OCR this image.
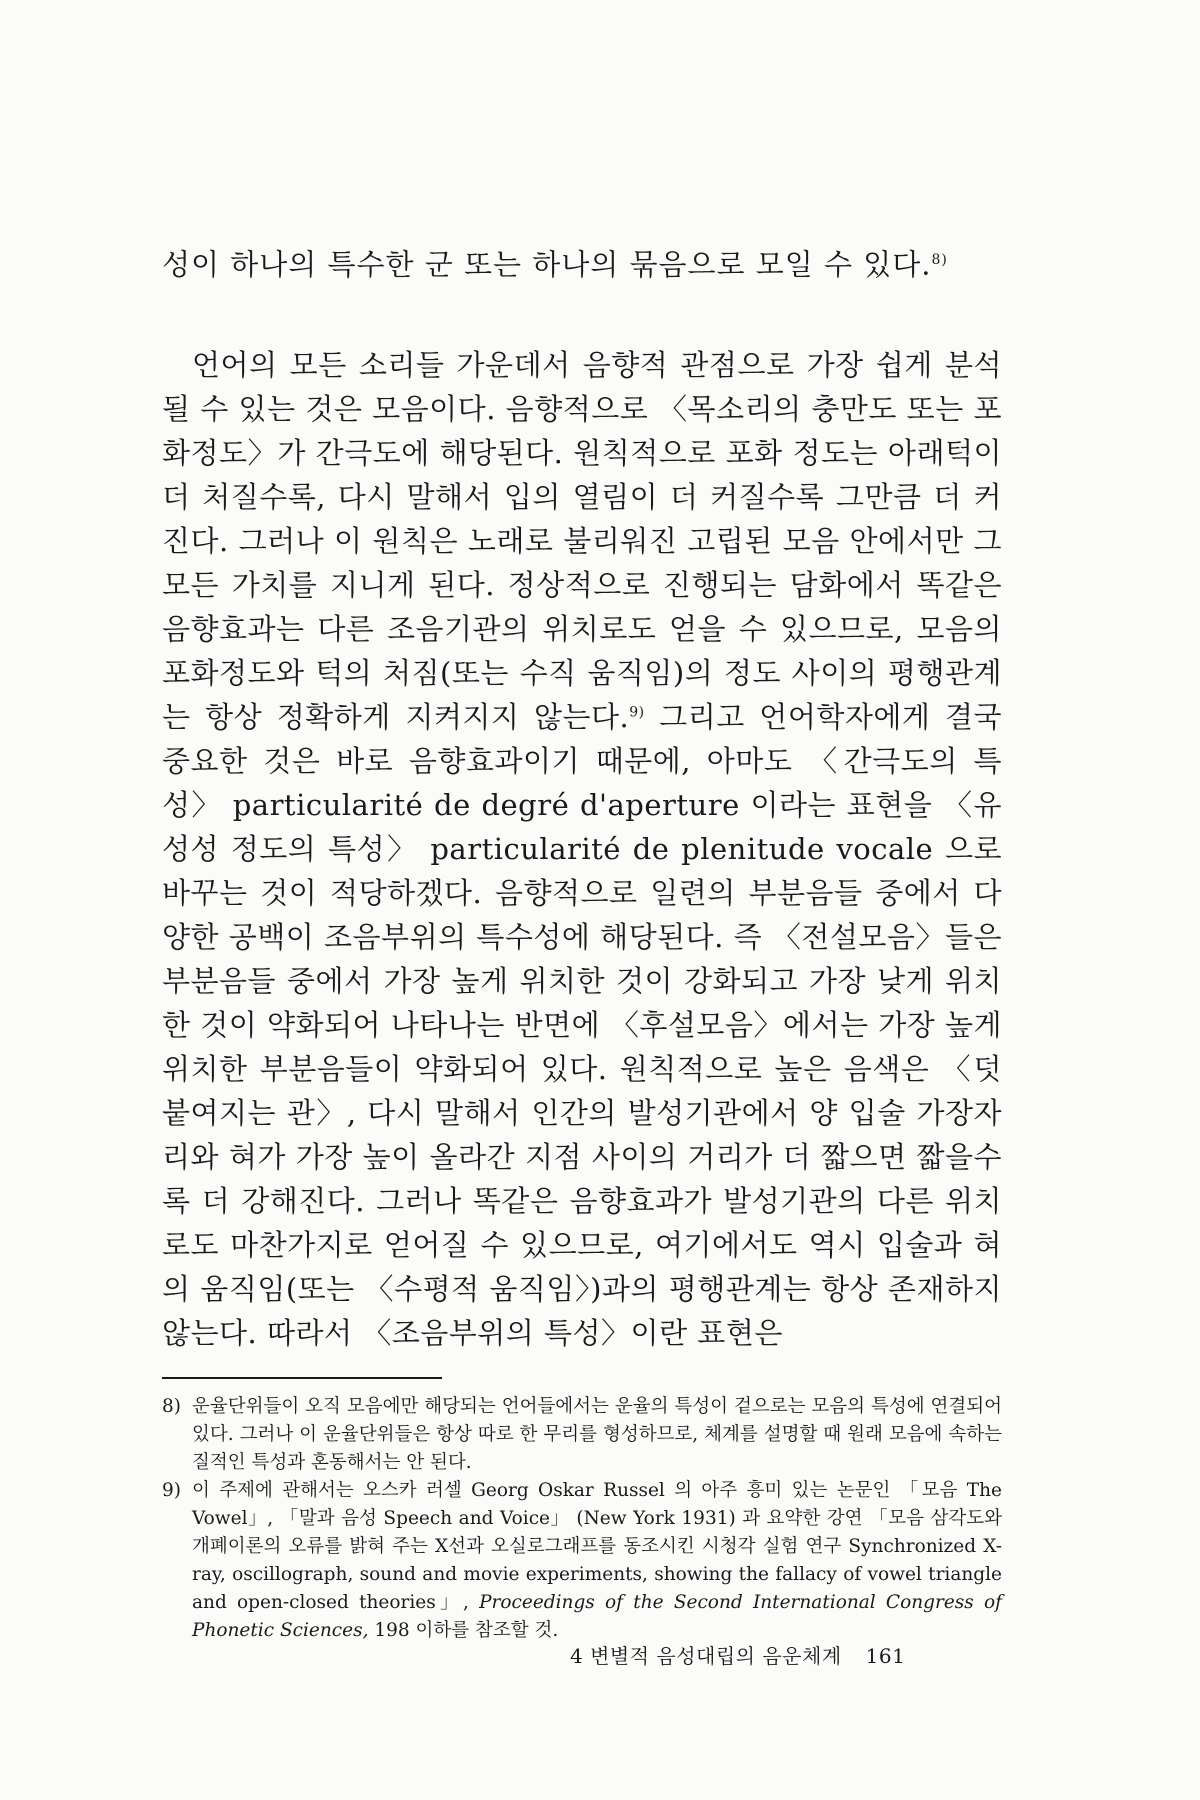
성이 하나의 특수한 군 또는 하나의 묶음으로 모일 수 있다.$^{8)}$

언어의 모든 소리들 가운데서 음향적 관점으로 가장 쉽게 분석될 수 있는 것은 모음이다. 음향적으로 〈목소리의 충만도 또는 포화정도〉가 간극도에 해당된다. 원칙적으로 포화 정도는 아래턱이 더 처질수록, 다시 말해서 입의 열림이 더 커질수록 그만큼 더 커진다. 그러나 이 원칙은 노래로 불리워진 고립된 모음 안에서만 그 모든 가치를 지니게 된다. 정상적으로 진행되는 담화에서 똑같은 음향효과는 다른 조음기관의 위치로도 얻을 수 있으므로, 모음의 포화정도와 턱의 처짐(또는 수직 움직임)의 정도 사이의 평행관계는 항상 정확하게 지켜지지 않는다.$^{9)}$ 그리고 언어학자에게 결국 중요한 것은 바로 음향효과이기 때문에, 아마도 〈간극도의 특성〉 particularité de degré d'aperture 이라는 표현을 〈유성성 정도의 특성〉 particularité de plenitude vocale 으로 바꾸는 것이 적당하겠다. 음향적으로 일련의 부분음들 중에서 다양한 공백이 조음부위의 특수성에 해당된다. 즉 〈전설모음〉들은 부분음들 중에서 가장 높게 위치한 것이 강화되고 가장 낮게 위치한 것이 약화되어 나타나는 반면에 〈후설모음〉에서는 가장 높게 위치한 부분음들이 약화되어 있다. 원칙적으로 높은 음색은 〈덧붙여지는 관〉, 다시 말해서 인간의 발성기관에서 양 입술 가장자리와 혀가 가장 높이 올라간 지점 사이의 거리가 더 짧으면 짧을수록 더 강해진다. 그러나 똑같은 음향효과가 발성기관의 다른 위치로도 마찬가지로 얻어질 수 있으므로, 여기에서도 역시 입술과 혀의 움직임(또는 〈수평적 움직임〉)과의 평행관계는 항상 존재하지 않는다. 따라서 〈조음부위의 특성〉이란 표현은

8) 운율단위들이 오직 모음에만 해당되는 언어들에서는 운율의 특성이 겉으로는 모음의 특성에 연결되어 있다. 그러나 이 운율단위들은 항상 따로 한 무리를 형성하므로, 체계를 설명할 때 원래 모음에 속하는 질적인 특성과 혼동해서는 안 된다.

9) 이 주제에 관해서는 오스카 러셀 Georg Oskar Russel 의 아주 흥미 있는 논문인 「모음 The Vowel」, 「말과 음성 Speech and Voice」 (New York 1931) 과 요약한 강연 「모음 삼각도와 개폐이론의 오류를 밝혀 주는 X선과 오실로그래프를 동조시킨 시청각 실험 연구 Synchronized X-ray, oscillograph, sound and movie experiments, showing the fallacy of vowel triangle and open-closed theories」, Proceedings of the Second International Congress of Phonetic Sciences, 198 이하를 참조할 것.

4 변별적 음성대립의 음운체계 161
